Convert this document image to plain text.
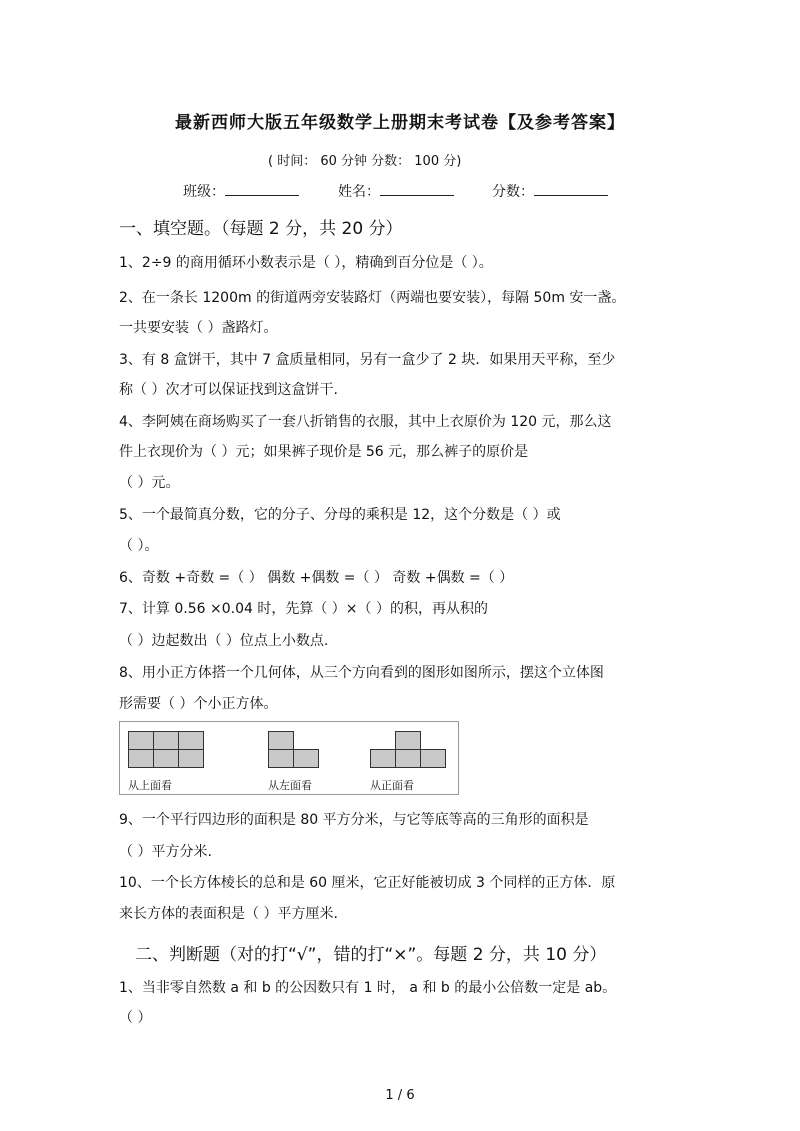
最新西师大版五年级数学上册期末考试卷【及参考答案】
( 时间： 60 分钟 分数： 100 分)
班级：	姓名：	分数：
一、填空题。（每题 2 分，共 20 分）
1、2÷9 的商用循环小数表示是（ ），精确到百分位是（ ）。
2、在一条长 1200m 的街道两旁安装路灯（两端也要安装），每隔 50m 安一盏。
一共要安装（ ）盏路灯。
3、有 8 盒饼干，其中 7 盒质量相同，另有一盒少了 2 块．如果用天平称，至少
称（ ）次才可以保证找到这盒饼干.
4、李阿姨在商场购买了一套八折销售的衣服，其中上衣原价为 120 元，那么这
件上衣现价为（ ）元；如果裤子现价是 56 元，那么裤子的原价是
（ ）元。
5、一个最简真分数，它的分子、分母的乘积是 12，这个分数是（ ）或
（ ）。
6、奇数 +奇数 =（ ） 偶数 +偶数 =（ ） 奇数 +偶数 =（ ）
7、计算 0.56 ×0.04 时，先算（ ）×（ ）的积，再从积的
（ ）边起数出（ ）位点上小数点.
8、用小正方体搭一个几何体，从三个方向看到的图形如图所示，摆这个立体图
形需要（ ）个小正方体。
从上面看	从左面看	从正面看
9、一个平行四边形的面积是 80 平方分米，与它等底等高的三角形的面积是
（ ）平方分米.
10、一个长方体棱长的总和是 60 厘米，它正好能被切成 3 个同样的正方体．原
来长方体的表面积是（ ）平方厘米.
二、判断题（对的打“√”，错的打“×”。每题 2 分，共 10 分）
1、当非零自然数 a 和 b 的公因数只有 1 时， a 和 b 的最小公倍数一定是 ab。
（ ）
1 / 6
